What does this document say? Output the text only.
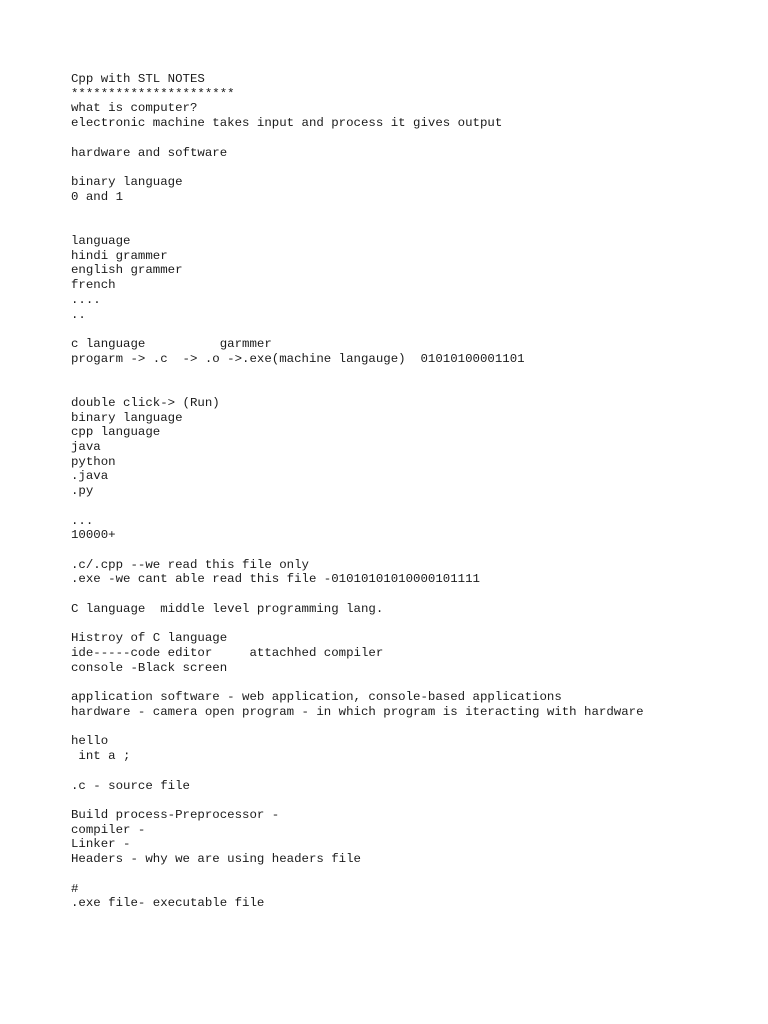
Cpp with STL NOTES
**********************
what is computer?
electronic machine takes input and process it gives output
hardware and software
binary language
0 and 1
language
hindi grammer
english grammer
french
....
..
c language          garmmer
progarm -> .c  -> .o ->.exe(machine langauge)  01010100001101
double click-> (Run)
binary language
cpp language
java
python
.java
.py
...
10000+
.c/.cpp --we read this file only
.exe -we cant able read this file -01010101010000101111
C language  middle level programming lang.
Histroy of C language
ide-----code editor     attachhed compiler
console -Black screen
application software - web application, console-based applications
hardware - camera open program - in which program is iteracting with hardware
hello
int a ;
.c - source file
Build process-Preprocessor -
compiler -
Linker -
Headers - why we are using headers file
#
.exe file- executable file
